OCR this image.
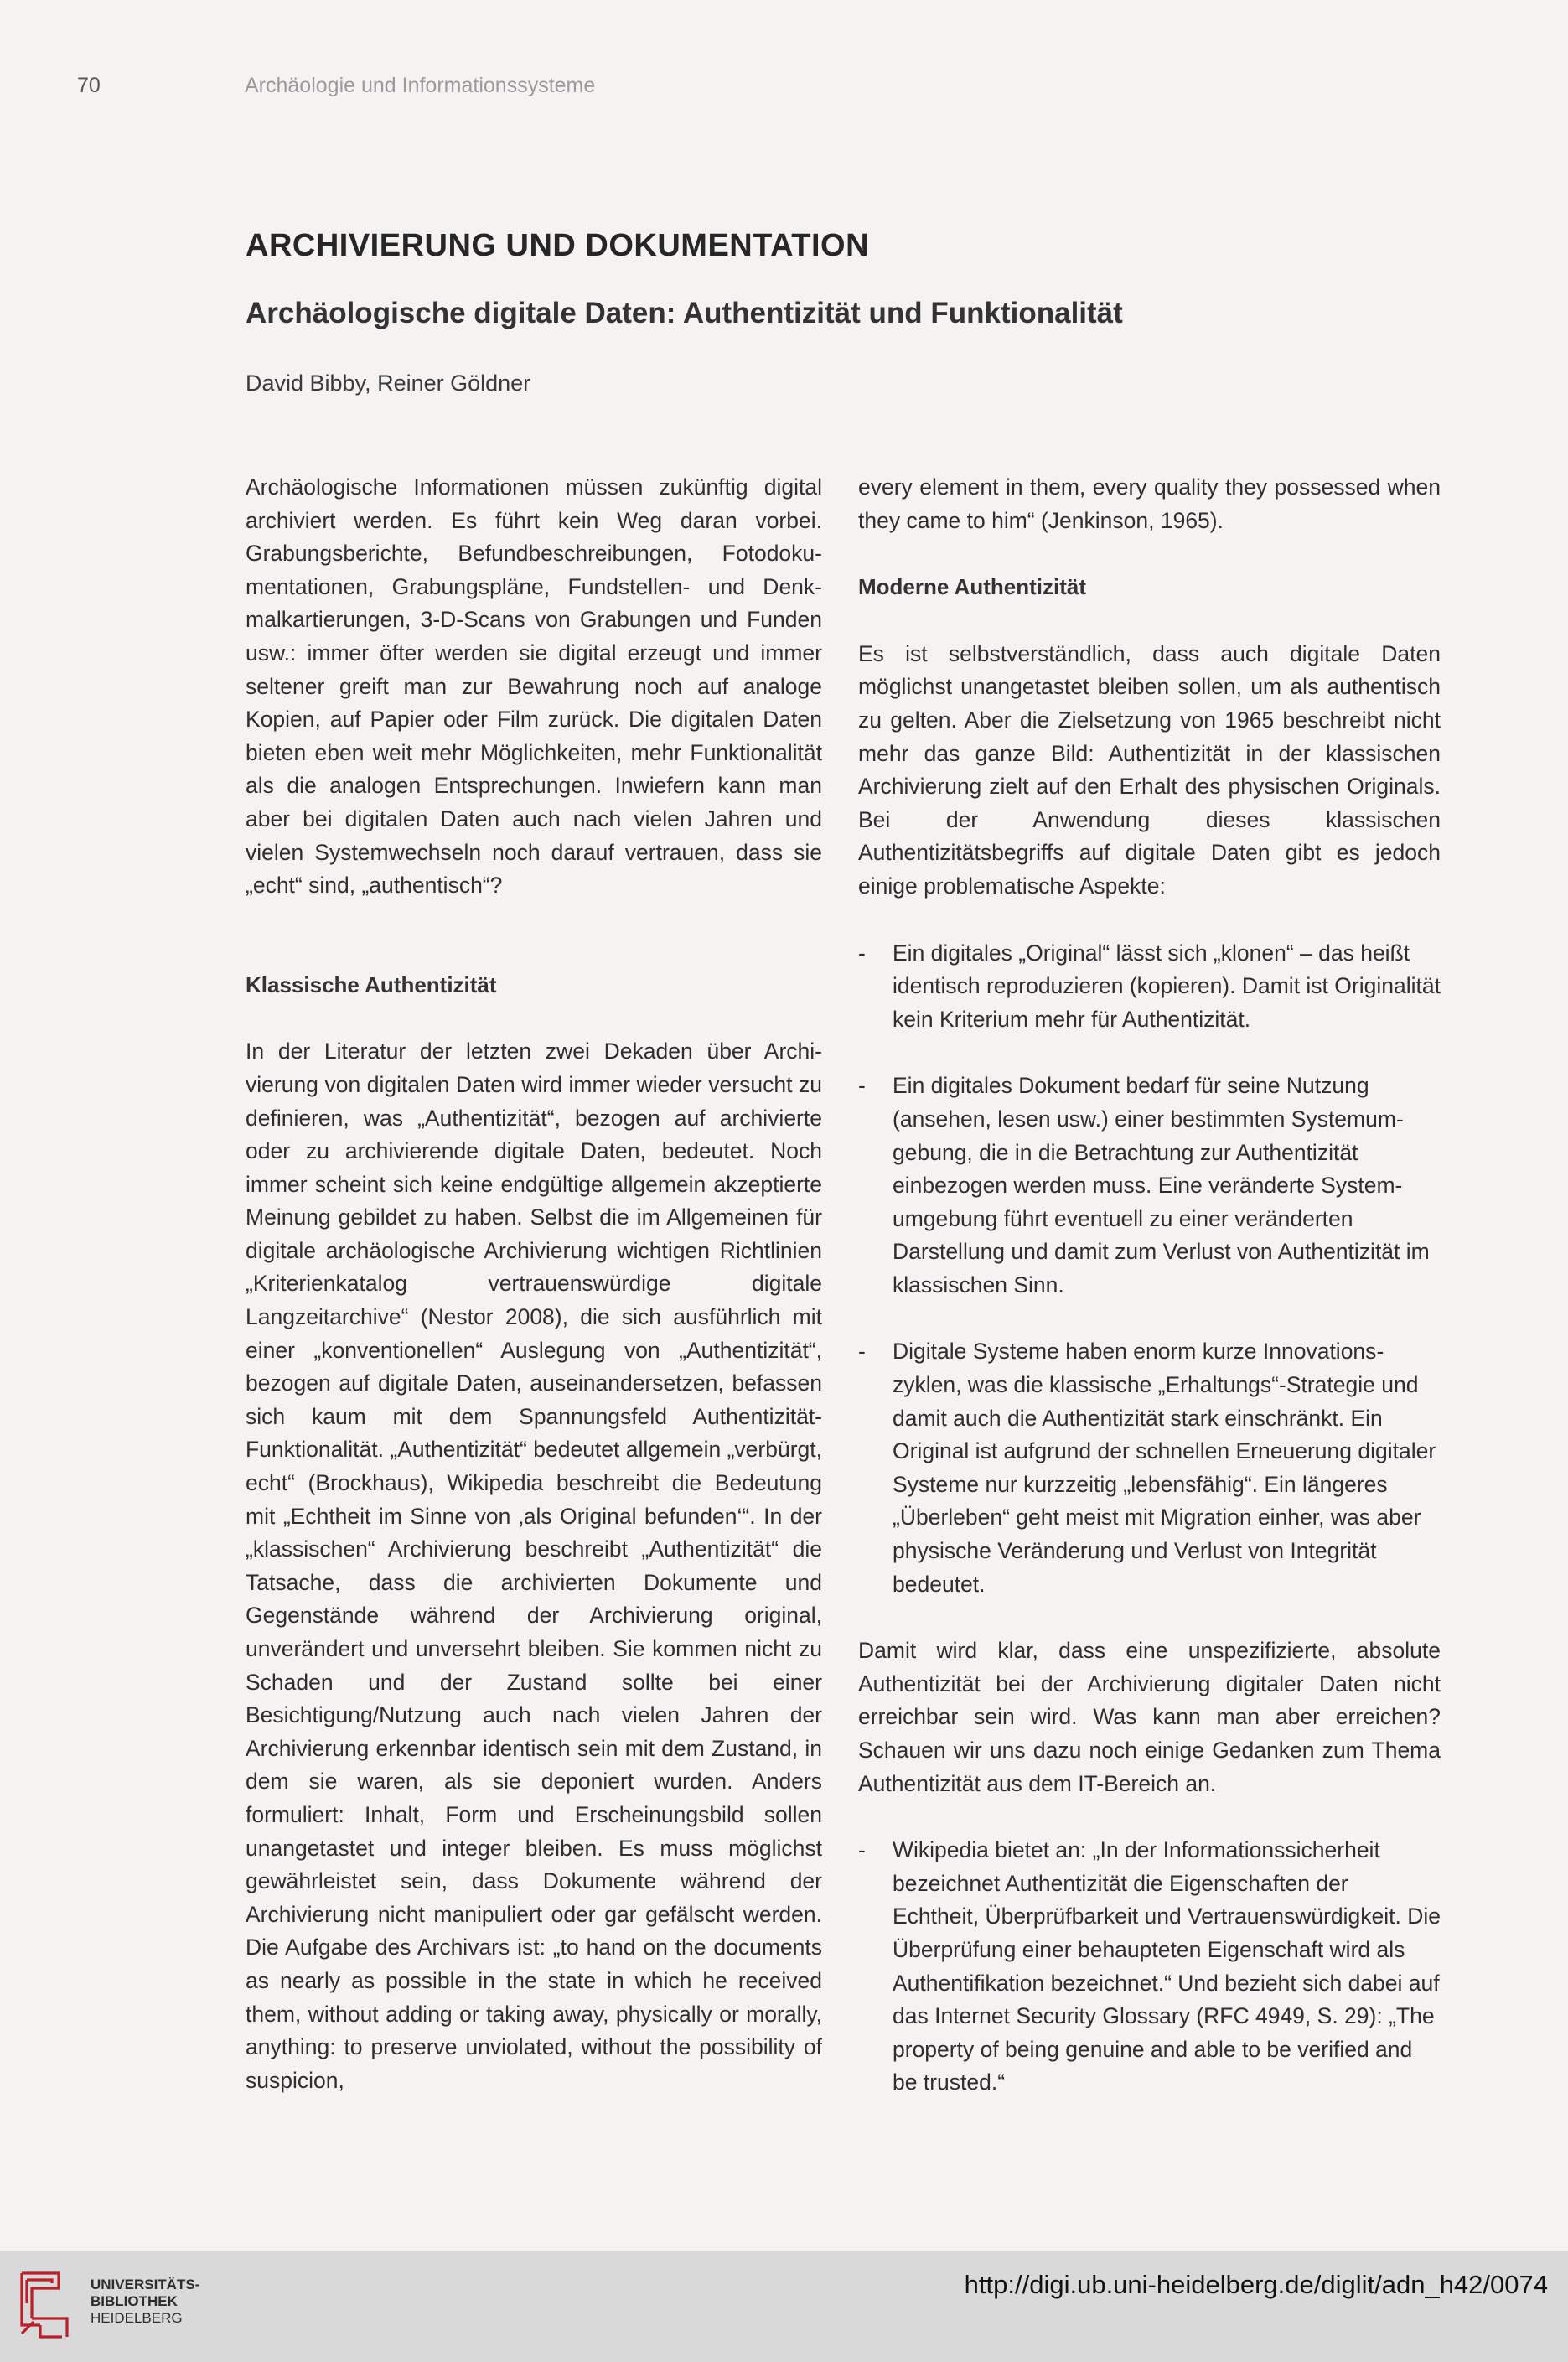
70	Archäologie und Informationssysteme
ARCHIVIERUNG UND DOKUMENTATION
Archäologische digitale Daten: Authentizität und Funktionalität
David Bibby, Reiner Göldner

Archäologische Informationen müssen zukünftig digital archiviert werden. Es führt kein Weg daran vorbei. Grabungsberichte, Befundbeschreibungen, Fotodokumentationen, Grabungspläne, Fundstellen- und Denkmalkartierungen, 3-D-Scans von Grabungen und Funden usw.: immer öfter werden sie digital erzeugt und immer seltener greift man zur Bewahrung noch auf analoge Kopien, auf Papier oder Film zurück. Die digitalen Daten bieten eben weit mehr Möglichkeiten, mehr Funktionalität als die analogen Entsprechungen. Inwiefern kann man aber bei digitalen Daten auch nach vielen Jahren und vielen Systemwechseln noch darauf vertrauen, dass sie „echt“ sind, „authentisch“?

Klassische Authentizität

In der Literatur der letzten zwei Dekaden über Archivierung von digitalen Daten wird immer wieder versucht zu definieren, was „Authentizität“, bezogen auf archivierte oder zu archivierende digitale Daten, bedeutet. Noch immer scheint sich keine endgültige allgemein akzeptierte Meinung gebildet zu haben. Selbst die im Allgemeinen für digitale archäologische Archivierung wichtigen Richtlinien „Kriterienkatalog vertrauenswürdige digitale Langzeitarchive“ (Nestor 2008), die sich ausführlich mit einer „konventionellen“ Auslegung von „Authentizität“, bezogen auf digitale Daten, auseinandersetzen, befassen sich kaum mit dem Spannungsfeld Authentizität-Funktionalität. „Authentizität“ bedeutet allgemein „verbürgt, echt“ (Brockhaus), Wikipedia beschreibt die Bedeutung mit „Echtheit im Sinne von ‚als Original befunden‘“. In der „klassischen“ Archivierung beschreibt „Authentizität“ die Tatsache, dass die archivierten Dokumente und Gegenstände während der Archivierung original, unverändert und unversehrt bleiben. Sie kommen nicht zu Schaden und der Zustand sollte bei einer Besichtigung/Nutzung auch nach vielen Jahren der Archivierung erkennbar identisch sein mit dem Zustand, in dem sie waren, als sie deponiert wurden. Anders formuliert: Inhalt, Form und Erscheinungsbild sollen unangetastet und integer bleiben. Es muss möglichst gewährleistet sein, dass Dokumente während der Archivierung nicht manipuliert oder gar gefälscht werden. Die Aufgabe des Archivars ist: „to hand on the documents as nearly as possible in the state in which he received them, without adding or taking away, physically or morally, anything: to preserve unviolated, without the possibility of suspicion,

every element in them, every quality they possessed when they came to him“ (Jenkinson, 1965).

Moderne Authentizität

Es ist selbstverständlich, dass auch digitale Daten möglichst unangetastet bleiben sollen, um als authentisch zu gelten. Aber die Zielsetzung von 1965 beschreibt nicht mehr das ganze Bild: Authentizität in der klassischen Archivierung zielt auf den Erhalt des physischen Originals. Bei der Anwendung dieses klassischen Authentizitätsbegriffs auf digitale Daten gibt es jedoch einige problematische Aspekte:

- Ein digitales „Original“ lässt sich „klonen“ – das heißt identisch reproduzieren (kopieren). Damit ist Originalität kein Kriterium mehr für Authentizität.
- Ein digitales Dokument bedarf für seine Nutzung (ansehen, lesen usw.) einer bestimmten Systemumgebung, die in die Betrachtung zur Authentizität einbezogen werden muss. Eine veränderte Systemumgebung führt eventuell zu einer veränderten Darstellung und damit zum Verlust von Authentizität im klassischen Sinn.
- Digitale Systeme haben enorm kurze Innovationszyklen, was die klassische „Erhaltungs“-Strategie und damit auch die Authentizität stark einschränkt. Ein Original ist aufgrund der schnellen Erneuerung digitaler Systeme nur kurzzeitig „lebensfähig“. Ein längeres „Überleben“ geht meist mit Migration einher, was aber physische Veränderung und Verlust von Integrität bedeutet.

Damit wird klar, dass eine unspezifizierte, absolute Authentizität bei der Archivierung digitaler Daten nicht erreichbar sein wird. Was kann man aber erreichen? Schauen wir uns dazu noch einige Gedanken zum Thema Authentizität aus dem IT-Bereich an.

- Wikipedia bietet an: „In der Informationssicherheit bezeichnet Authentizität die Eigenschaften der Echtheit, Überprüfbarkeit und Vertrauenswürdigkeit. Die Überprüfung einer behaupteten Eigenschaft wird als Authentifikation bezeichnet.“ Und bezieht sich dabei auf das Internet Security Glossary (RFC 4949, S. 29): „The property of being genuine and able to be verified and be trusted.“
UNIVERSITÄTS-
BIBLIOTHEK
HEIDELBERG
http://digi.ub.uni-heidelberg.de/diglit/adn_h42/0074
